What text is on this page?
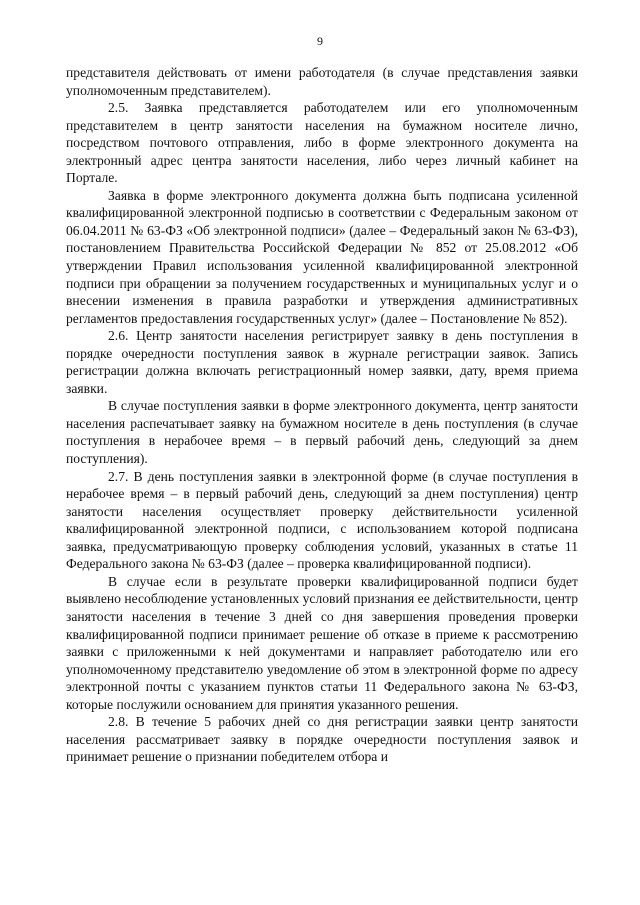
9

представителя действовать от имени работодателя (в случае представления заявки уполномоченным представителем).

2.5. Заявка представляется работодателем или его уполномоченным представителем в центр занятости населения на бумажном носителе лично, посредством почтового отправления, либо в форме электронного документа на электронный адрес центра занятости населения, либо через личный кабинет на Портале.

Заявка в форме электронного документа должна быть подписана усиленной квалифицированной электронной подписью в соответствии с Федеральным законом от 06.04.2011 № 63-ФЗ «Об электронной подписи» (далее – Федеральный закон № 63-ФЗ), постановлением Правительства Российской Федерации № 852 от 25.08.2012 «Об утверждении Правил использования усиленной квалифицированной электронной подписи при обращении за получением государственных и муниципальных услуг и о внесении изменения в правила разработки и утверждения административных регламентов предоставления государственных услуг» (далее – Постановление № 852).

2.6. Центр занятости населения регистрирует заявку в день поступления в порядке очередности поступления заявок в журнале регистрации заявок. Запись регистрации должна включать регистрационный номер заявки, дату, время приема заявки.

В случае поступления заявки в форме электронного документа, центр занятости населения распечатывает заявку на бумажном носителе в день поступления (в случае поступления в нерабочее время – в первый рабочий день, следующий за днем поступления).

2.7. В день поступления заявки в электронной форме (в случае поступления в нерабочее время – в первый рабочий день, следующий за днем поступления) центр занятости населения осуществляет проверку действительности усиленной квалифицированной электронной подписи, с использованием которой подписана заявка, предусматривающую проверку соблюдения условий, указанных в статье 11 Федерального закона № 63-ФЗ (далее – проверка квалифицированной подписи).

В случае если в результате проверки квалифицированной подписи будет выявлено несоблюдение установленных условий признания ее действительности, центр занятости населения в течение 3 дней со дня завершения проведения проверки квалифицированной подписи принимает решение об отказе в приеме к рассмотрению заявки с приложенными к ней документами и направляет работодателю или его уполномоченному представителю уведомление об этом в электронной форме по адресу электронной почты с указанием пунктов статьи 11 Федерального закона № 63-ФЗ, которые послужили основанием для принятия указанного решения.

2.8. В течение 5 рабочих дней со дня регистрации заявки центр занятости населения рассматривает заявку в порядке очередности поступления заявок и принимает решение о признании победителем отбора и
